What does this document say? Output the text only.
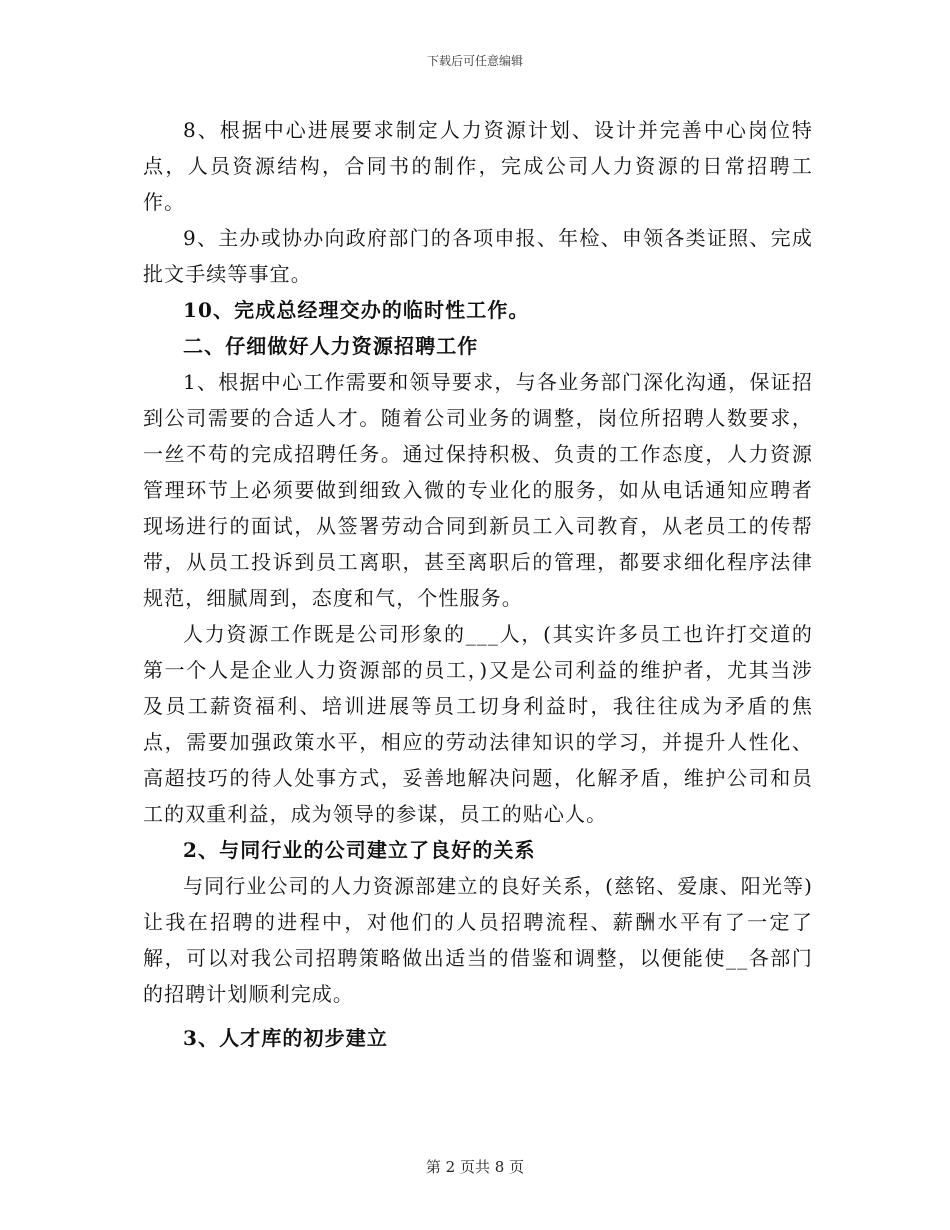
下载后可任意编辑

8、根据中心进展要求制定人力资源计划、设计并完善中心岗位特点，人员资源结构，合同书的制作，完成公司人力资源的日常招聘工作。

9、主办或协办向政府部门的各项申报、年检、申领各类证照、完成批文手续等事宜。

10、完成总经理交办的临时性工作。

二、仔细做好人力资源招聘工作

1、根据中心工作需要和领导要求，与各业务部门深化沟通，保证招到公司需要的合适人才。随着公司业务的调整，岗位所招聘人数要求，一丝不苟的完成招聘任务。通过保持积极、负责的工作态度，人力资源管理环节上必须要做到细致入微的专业化的服务，如从电话通知应聘者现场进行的面试，从签署劳动合同到新员工入司教育，从老员工的传帮带，从员工投诉到员工离职，甚至离职后的管理，都要求细化程序法律规范，细腻周到，态度和气，个性服务。

人力资源工作既是公司形象的___人，(其实许多员工也许打交道的第一个人是企业人力资源部的员工，)又是公司利益的维护者，尤其当涉及员工薪资福利、培训进展等员工切身利益时，我往往成为矛盾的焦点，需要加强政策水平，相应的劳动法律知识的学习，并提升人性化、高超技巧的待人处事方式，妥善地解决问题，化解矛盾，维护公司和员工的双重利益，成为领导的参谋，员工的贴心人。

2、与同行业的公司建立了良好的关系

与同行业公司的人力资源部建立的良好关系，(慈铭、爱康、阳光等)让我在招聘的进程中，对他们的人员招聘流程、薪酬水平有了一定了解，可以对我公司招聘策略做出适当的借鉴和调整，以便能使__各部门的招聘计划顺利完成。

3、人才库的初步建立

第 2 页共 8 页
